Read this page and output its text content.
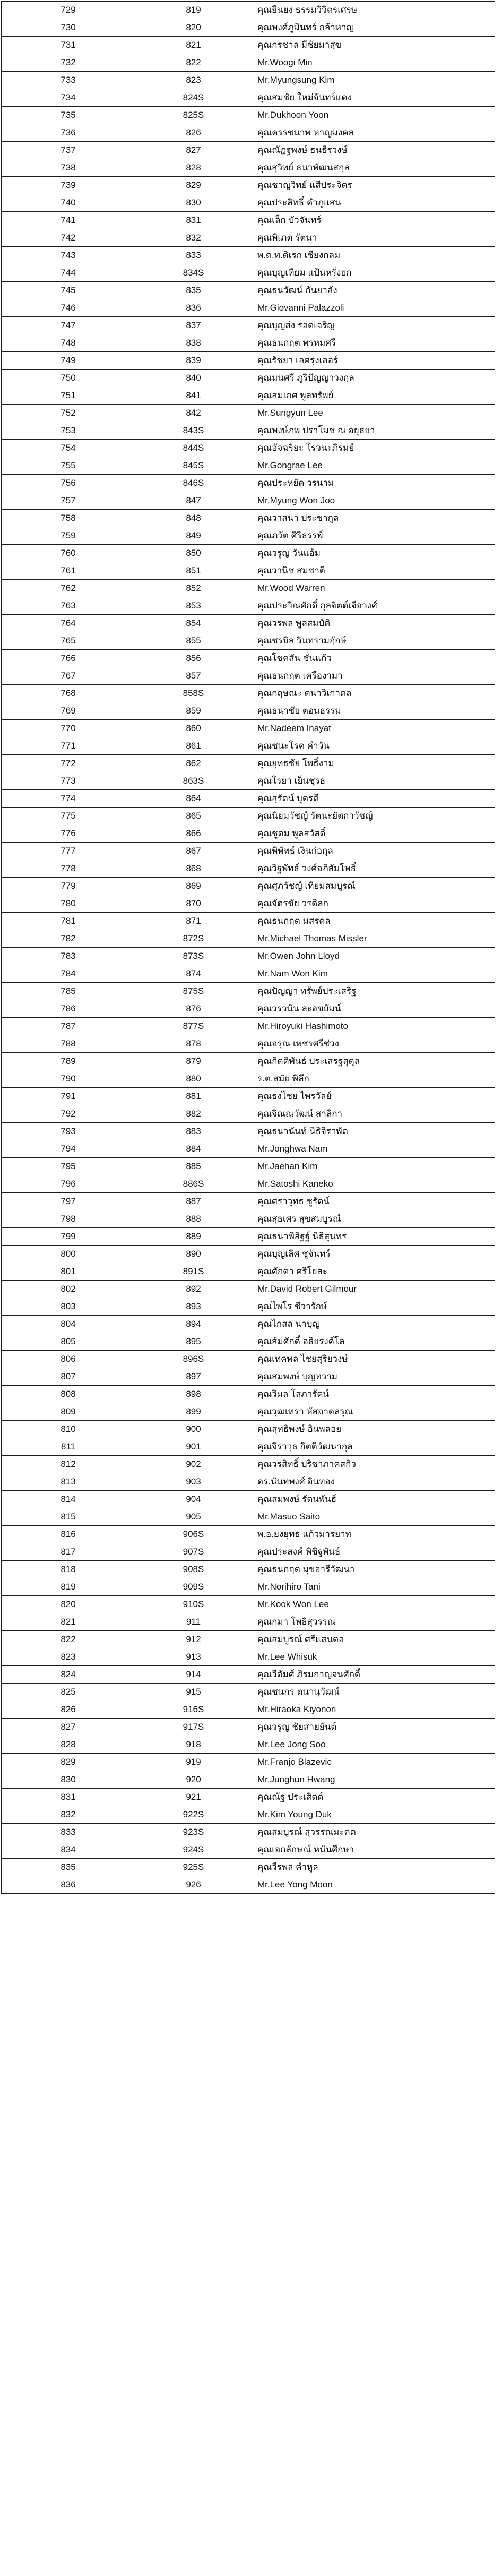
729	819	คุณยืนยง ธรรมวิจิตรเศรษ
730	820	คุณพงศ์ภูมินทร์ กล้าหาญ
731	821	คุณกรชาล มีชัยมาสุข
732	822	Mr.Woogi Min
733	823	Mr.Myungsung Kim
734	824S	คุณสมชัย ใหม่จันทร์แดง
735	825S	Mr.Dukhoon Yoon
736	826	คุณครรชนาพ หาญมงคล
737	827	คุณณัฏฐพงษ์ ธนธีรวงษ์
738	828	คุณสุวิทย์ ธนาพัฒนสกุล
739	829	คุณชาญวิทย์ แสีประจิตร
740	830	คุณประสิทธิ์ คำภูแสน
741	831	คุณเล็ก บัวจันทร์
742	832	คุณพิเภต รัตนา
743	833	พ.ต.ท.ดิเรก เชียงกลม
744	834S	คุณบุญเทียม แป้นหรั่งยก
745	835	คุณธนวัฒน์ กันยาลัง
746	836	Mr.Giovanni Palazzoli
747	837	คุณบุญส่ง รอดเจริญ
748	838	คุณธนกฤต พรหมศรี
749	839	คุณรัชยา เลศรุ่งเลอร์
750	840	คุณมนศรี ภูริปัญญาวงกุล
751	841	คุณสมเกศ พูลทรัพย์
752	842	Mr.Sungyun Lee
753	843S	คุณพงษ์ภพ ปราโมช ณ อยุธยา
754	844S	คุณอัจฉริยะ โรจนะภิรมย์
755	845S	Mr.Gongrae Lee
756	846S	คุณประหยัด วรนาม
757	847	Mr.Myung Won Joo
758	848	คุณวาสนา ประชากูล
759	849	คุณภวัต ศิริธรรพ์
760	850	คุณจรูญ วันแอ้ม
761	851	คุณวานิช สมชาติ
762	852	Mr.Wood Warren
763	853	คุณประวีณศักดิ์ กุลจิตต์เจือวงศ์
764	854	คุณวรพล พูลสมบัติ
765	855	คุณชรบิล วินทรามฤักษ์
766	856	คุณโชคสัน ชั่นแก้ว
767	857	คุณธนกฤต เครืองามา
768	858S	คุณกฤษณะ ตนาวิเกาดล
769	859	คุณธนาชัย ตอนธรรม
770	860	Mr.Nadeem Inayat
771	861	คุณชนะโรค คำวัน
772	862	คุณยุทธชัย โพธิ์งาม
773	863S	คุณโรยา เย็นชุรธ
774	864	คุณสุรัตน์ บุตรดี
775	865	คุณนิยมวัชญ์ รัตนะยัตกาวัชญ์
776	866	คุณชูตม พูลสวัสดิ์
777	867	คุณพิพัทธ์ เงินก่อกุล
778	868	คุณวิฐพัทธ์ วงศ์อภิสัมโพธิ์
779	869	คุณศุภวัชญ์ เทียมสมบูรณ์
780	870	คุณจัตรชัย วรดิลก
781	871	คุณธนกฤต มสรดล
782	872S	Mr.Michael Thomas Missler
783	873S	Mr.Owen John Lloyd
784	874	Mr.Nam Won Kim
785	875S	คุณปัญญา ทรัพย์ประเสริฐ
786	876	คุณวรวนัน ละอขยัมน์
787	877S	Mr.Hiroyuki Hashimoto
788	878	คุณอรุณ เพชรศรีช่วง
789	879	คุณกิตติพันธ์ ประเสรฐสุดุล
790	880	ร.ต.สมัย พิลึก
791	881	คุณธงไชย ไพรวัลย์
792	882	คุณจิณณวัฒน์ สาลิกา
793	883	คุณธนานันท์ นิธิจิราพัต
794	884	Mr.Jonghwa Nam
795	885	Mr.Jaehan Kim
796	886S	Mr.Satoshi Kaneko
797	887	คุณศราวุทธ ชูรัตน์
798	888	คุณสุธเศร สุขสมบูรณ์
799	889	คุณธนาพิสิฐฐ์ นิธิสุนทร
800	890	คุณบุญเลิศ ชูจันทร์
801	891S	คุณศักดา ศรีโยสะ
802	892	Mr.David Robert Gilmour
803	893	คุณไพโร ชีวารักษ์
804	894	คุณไกสล นาบุญ
805	895	คุณส้มศักดิ์ อธิยรงค์โล
806	896S	คุณเทคพล ไชยสุริยวงษ์
807	897	คุณสมพงษ์ บุญทวาม
808	898	คุณวิมล โสภารัตน์
809	899	คุณวุฒเทรา หัสถาดลรุณ
810	900	คุณสุทธิพงษ์ อินพลอย
811	901	คุณจิราวุธ กิตติวัฒนากุล
812	902	คุณวรสิทธิ์ ปริชาภาคสกิจ
813	903	ดร.นันทพงศ์ อินทอง
814	904	คุณสมพงษ์ รัตนพันธ์
815	905	Mr.Masuo Saito
816	906S	พ.อ.ยงยุทธ แก้วมารยาท
817	907S	คุณประสงค์ พิชิฐพันธ์
818	908S	คุณธนกฤต มุขอารีวัฒนา
819	909S	Mr.Norihiro Tani
820	910S	Mr.Kook Won Lee
821	911	คุณกมา โพธิสุวรรณ
822	912	คุณสมบูรณ์ ศรีแสนตอ
823	913	Mr.Lee Whisuk
824	914	คุณวีดัมศ์ ภิรมกาญจนศักดิ์
825	915	คุณชนกร ตนานุวัฒน์
826	916S	Mr.Hiraoka Kiyonori
827	917S	คุณจรูญ ชัยสายยันต์
828	918	Mr.Lee Jong Soo
829	919	Mr.Franjo Blazevic
830	920	Mr.Junghun Hwang
831	921	คุณณัฐ ประเสิตต์
832	922S	Mr.Kim Young Duk
833	923S	คุณสมบูรณ์ สุวรรณมะคต
834	924S	คุณเอกลักษณ์ หนันศีกษา
835	925S	คุณวีรพล คำหูล
836	926	Mr.Lee Yong Moon
